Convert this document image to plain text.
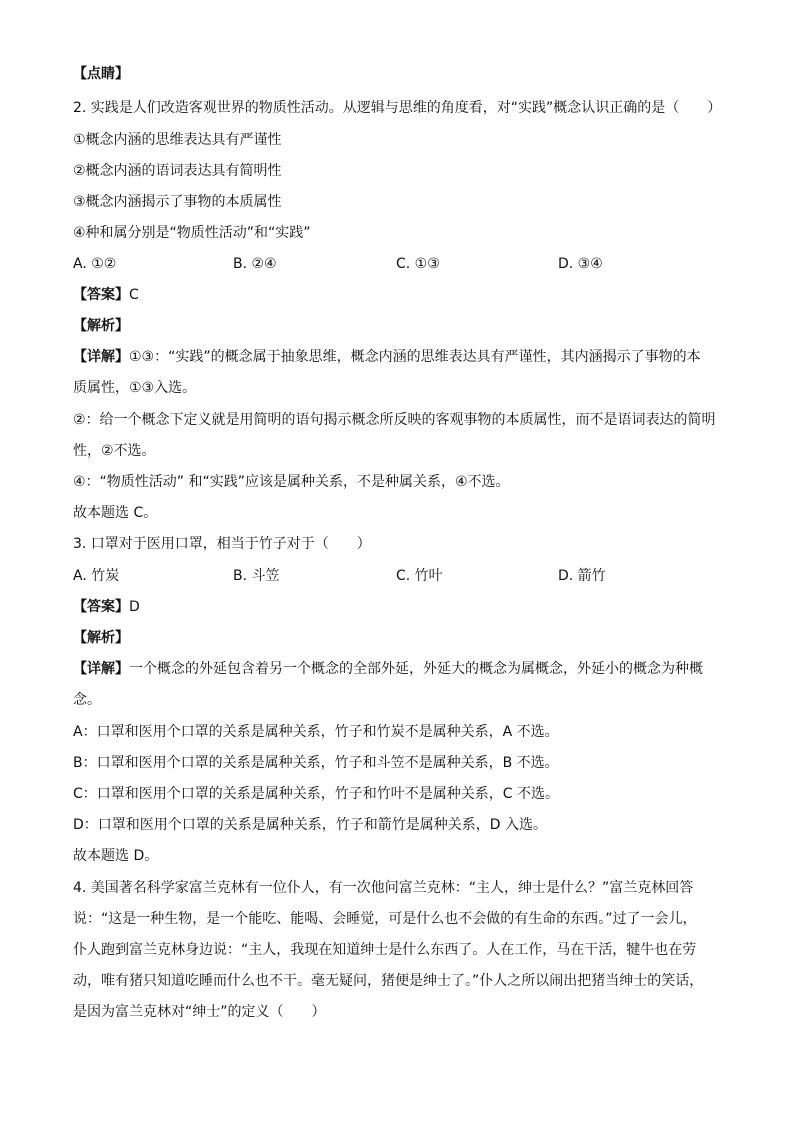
【点睛】
2. 实践是人们改造客观世界的物质性活动。从逻辑与思维的角度看，对“实践”概念认识正确的是（　　）
①概念内涵的思维表达具有严谨性
②概念内涵的语词表达具有简明性
③概念内涵揭示了事物的本质属性
④种和属分别是“物质性活动”和“实践”
A. ①②	B. ②④	C. ①③	D. ③④
【答案】C
【解析】
【详解】①③：“实践”的概念属于抽象思维，概念内涵的思维表达具有严谨性，其内涵揭示了事物的本
质属性，①③入选。
②：给一个概念下定义就是用简明的语句揭示概念所反映的客观事物的本质属性，而不是语词表达的简明
性，②不选。
④：“物质性活动” 和“实践”应该是属种关系，不是种属关系，④不选。
故本题选 C。
3. 口罩对于医用口罩，相当于竹子对于（　　）
A. 竹炭	B. 斗笠	C. 竹叶	D. 箭竹
【答案】D
【解析】
【详解】一个概念的外延包含着另一个概念的全部外延，外延大的概念为属概念，外延小的概念为种概
念。
A：口罩和医用个口罩的关系是属种关系，竹子和竹炭不是属种关系，A 不选。
B：口罩和医用个口罩的关系是属种关系，竹子和斗笠不是属种关系，B 不选。
C：口罩和医用个口罩的关系是属种关系，竹子和竹叶不是属种关系，C 不选。
D：口罩和医用个口罩的关系是属种关系，竹子和箭竹是属种关系，D 入选。
故本题选 D。
4. 美国著名科学家富兰克林有一位仆人，有一次他问富兰克林：“主人，绅士是什么？”富兰克林回答
说：“这是一种生物，是一个能吃、能喝、会睡觉，可是什么也不会做的有生命的东西。”过了一会儿，
仆人跑到富兰克林身边说：“主人，我现在知道绅士是什么东西了。人在工作，马在干活，犍牛也在劳
动，唯有猪只知道吃睡而什么也不干。毫无疑问，猪便是绅士了。”仆人之所以闹出把猪当绅士的笑话，
是因为富兰克林对“绅士”的定义（　　）
